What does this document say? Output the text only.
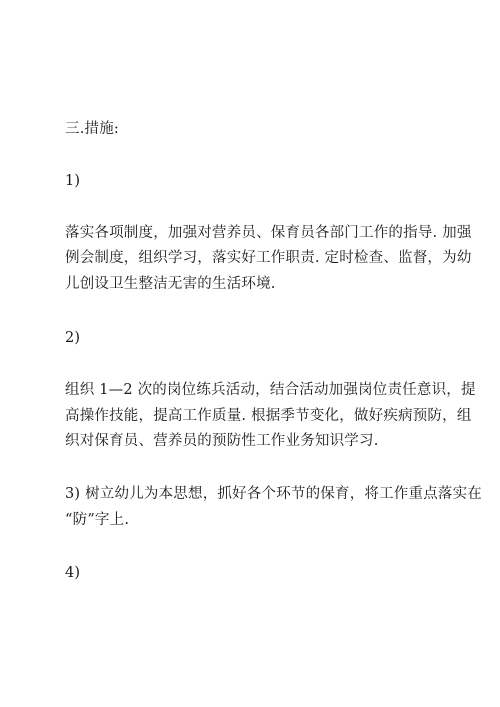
三.措施:

1)

落实各项制度，加强对营养员、保育员各部门工作的指导. 加强

例会制度，组织学习，落实好工作职责. 定时检查、监督，为幼

儿创设卫生整洁无害的生活环境.

2)

组织 1—2 次的岗位练兵活动，结合活动加强岗位责任意识，提

高操作技能，提高工作质量. 根据季节变化，做好疾病预防，组

织对保育员、营养员的预防性工作业务知识学习.

3) 树立幼儿为本思想，抓好各个环节的保育，将工作重点落实在

“防”字上.

4)
